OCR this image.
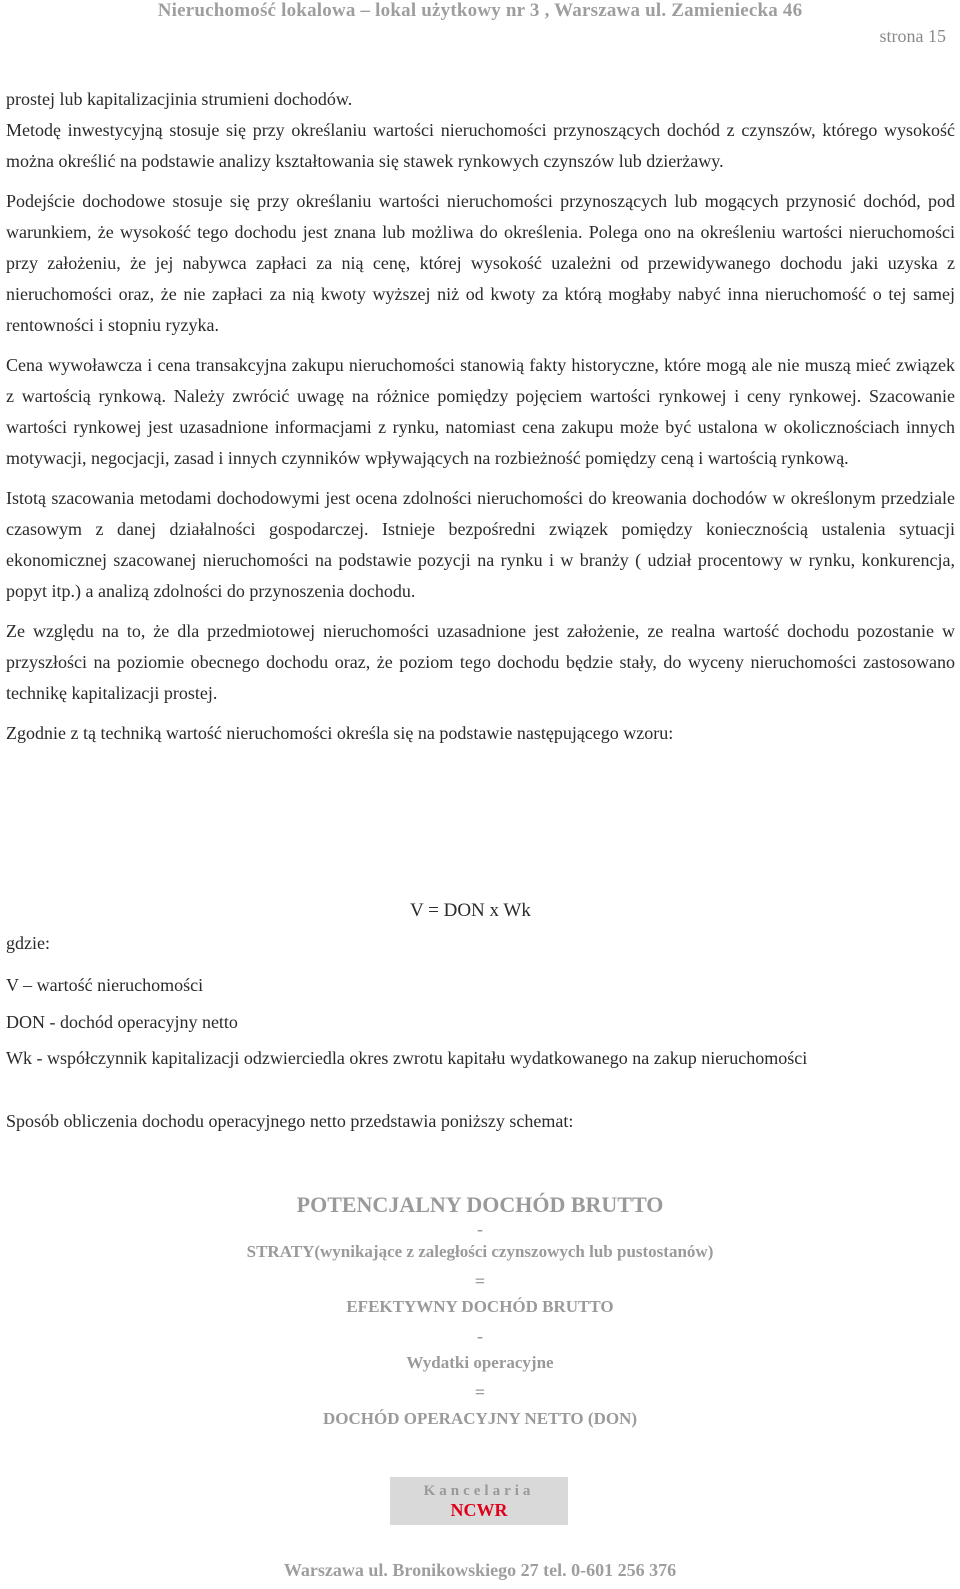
Nieruchomość lokalowa – lokal użytkowy nr 3 , Warszawa ul. Zamieniecka 46
strona 15

prostej lub kapitalizacjinia strumieni dochodów.

Metodę inwestycyjną stosuje się przy określaniu wartości nieruchomości przynoszących dochód z czynszów, którego wysokość można określić na podstawie analizy kształtowania się stawek rynkowych czynszów lub dzierżawy.

Podejście dochodowe stosuje się przy określaniu wartości nieruchomości przynoszących lub mogących przynosić dochód, pod warunkiem, że wysokość tego dochodu jest znana lub możliwa do określenia. Polega ono na określeniu wartości nieruchomości przy założeniu, że jej nabywca zapłaci za nią cenę, której wysokość uzależni od przewidywanego dochodu jaki uzyska z nieruchomości oraz, że nie zapłaci za nią kwoty wyższej niż od kwoty za którą mogłaby nabyć inna nieruchomość o tej samej rentowności i stopniu ryzyka.

Cena wywoławcza i cena transakcyjna zakupu nieruchomości stanowią fakty historyczne, które mogą ale nie muszą mieć związek z wartością rynkową. Należy zwrócić uwagę na różnice pomiędzy pojęciem wartości rynkowej i ceny rynkowej. Szacowanie wartości rynkowej jest uzasadnione informacjami z rynku, natomiast cena zakupu może być ustalona w okolicznościach innych motywacji, negocjacji, zasad i innych czynników wpływających na rozbieżność pomiędzy ceną i wartością rynkową.

Istotą szacowania metodami dochodowymi jest ocena zdolności nieruchomości do kreowania dochodów w określonym przedziale czasowym z danej działalności gospodarczej. Istnieje bezpośredni związek pomiędzy koniecznością ustalenia sytuacji ekonomicznej szacowanej nieruchomości na podstawie pozycji na rynku i w branży ( udział procentowy w rynku, konkurencja, popyt itp.) a analizą zdolności do przynoszenia dochodu.

Ze względu na to, że dla przedmiotowej nieruchomości uzasadnione jest założenie, ze realna wartość dochodu pozostanie w przyszłości na poziomie obecnego dochodu oraz, że poziom tego dochodu będzie stały, do wyceny nieruchomości zastosowano technikę kapitalizacji prostej.

Zgodnie z tą techniką wartość nieruchomości określa się na podstawie następującego wzoru:

V = DON x Wk
gdzie:
V – wartość nieruchomości
DON - dochód operacyjny netto
Wk - współczynnik kapitalizacji odzwierciedla okres zwrotu kapitału wydatkowanego na zakup nieruchomości
Sposób obliczenia dochodu operacyjnego netto przedstawia poniższy schemat:
POTENCJALNY DOCHÓD BRUTTO
-
STRATY(wynikające z zaległości czynszowych lub pustostanów)
=
EFEKTYWNY DOCHÓD BRUTTO
-
Wydatki operacyjne
=
DOCHÓD OPERACYJNY NETTO (DON)
Kancelaria
NCWR
Warszawa ul. Bronikowskiego 27 tel. 0-601 256 376
